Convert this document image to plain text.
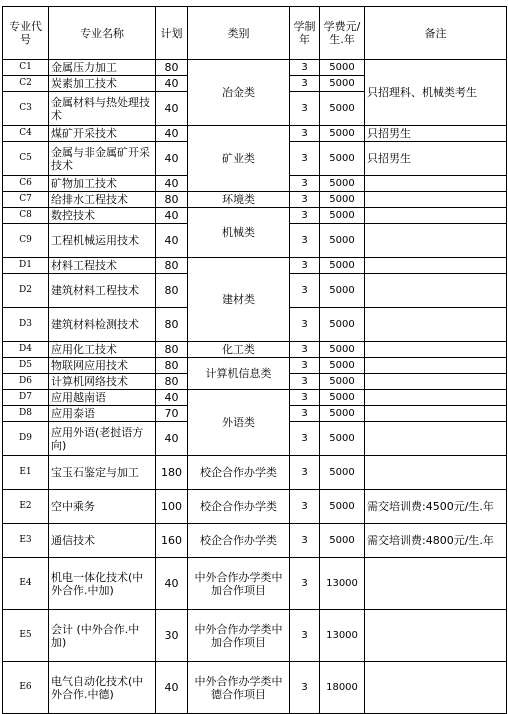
专业代号	专业名称	计划	类别	学制年	学费元/生.年	备注
C1	金属压力加工	80	冶金类	3	5000	只招理科、机械类考生
C2	炭素加工技术	40		3	5000	
C3	金属材料与热处理技术	40		3	5000	
C4	煤矿开采技术	40	矿业类	3	5000	只招男生
C5	金属与非金属矿开采技术	40		3	5000	只招男生
C6	矿物加工技术	40		3	5000	
C7	给排水工程技术	80	环境类	3	5000	
C8	数控技术	40	机械类	3	5000	
C9	工程机械运用技术	40		3	5000	
D1	材料工程技术	80	建材类	3	5000	
D2	建筑材料工程技术	80		3	5000	
D3	建筑材料检测技术	80		3	5000	
D4	应用化工技术	80	化工类	3	5000	
D5	物联网应用技术	80	计算机信息类	3	5000	
D6	计算机网络技术	80		3	5000	
D7	应用越南语	40	外语类	3	5000	
D8	应用泰语	70		3	5000	
D9	应用外语(老挝语方向)	40		3	5000	
E1	宝玉石鉴定与加工	180	校企合作办学类	3	5000	
E2	空中乘务	100	校企合作办学类	3	5000	需交培训费:4500元/生.年
E3	通信技术	160	校企合作办学类	3	5000	需交培训费:4800元/生.年
E4	机电一体化技术(中外合作.中加)	40	中外合作办学类中加合作项目	3	13000	
E5	会计 (中外合作.中加)	30	中外合作办学类中加合作项目	3	13000	
E6	电气自动化技术(中外合作.中德)	40	中外合作办学类中德合作项目	3	18000	
